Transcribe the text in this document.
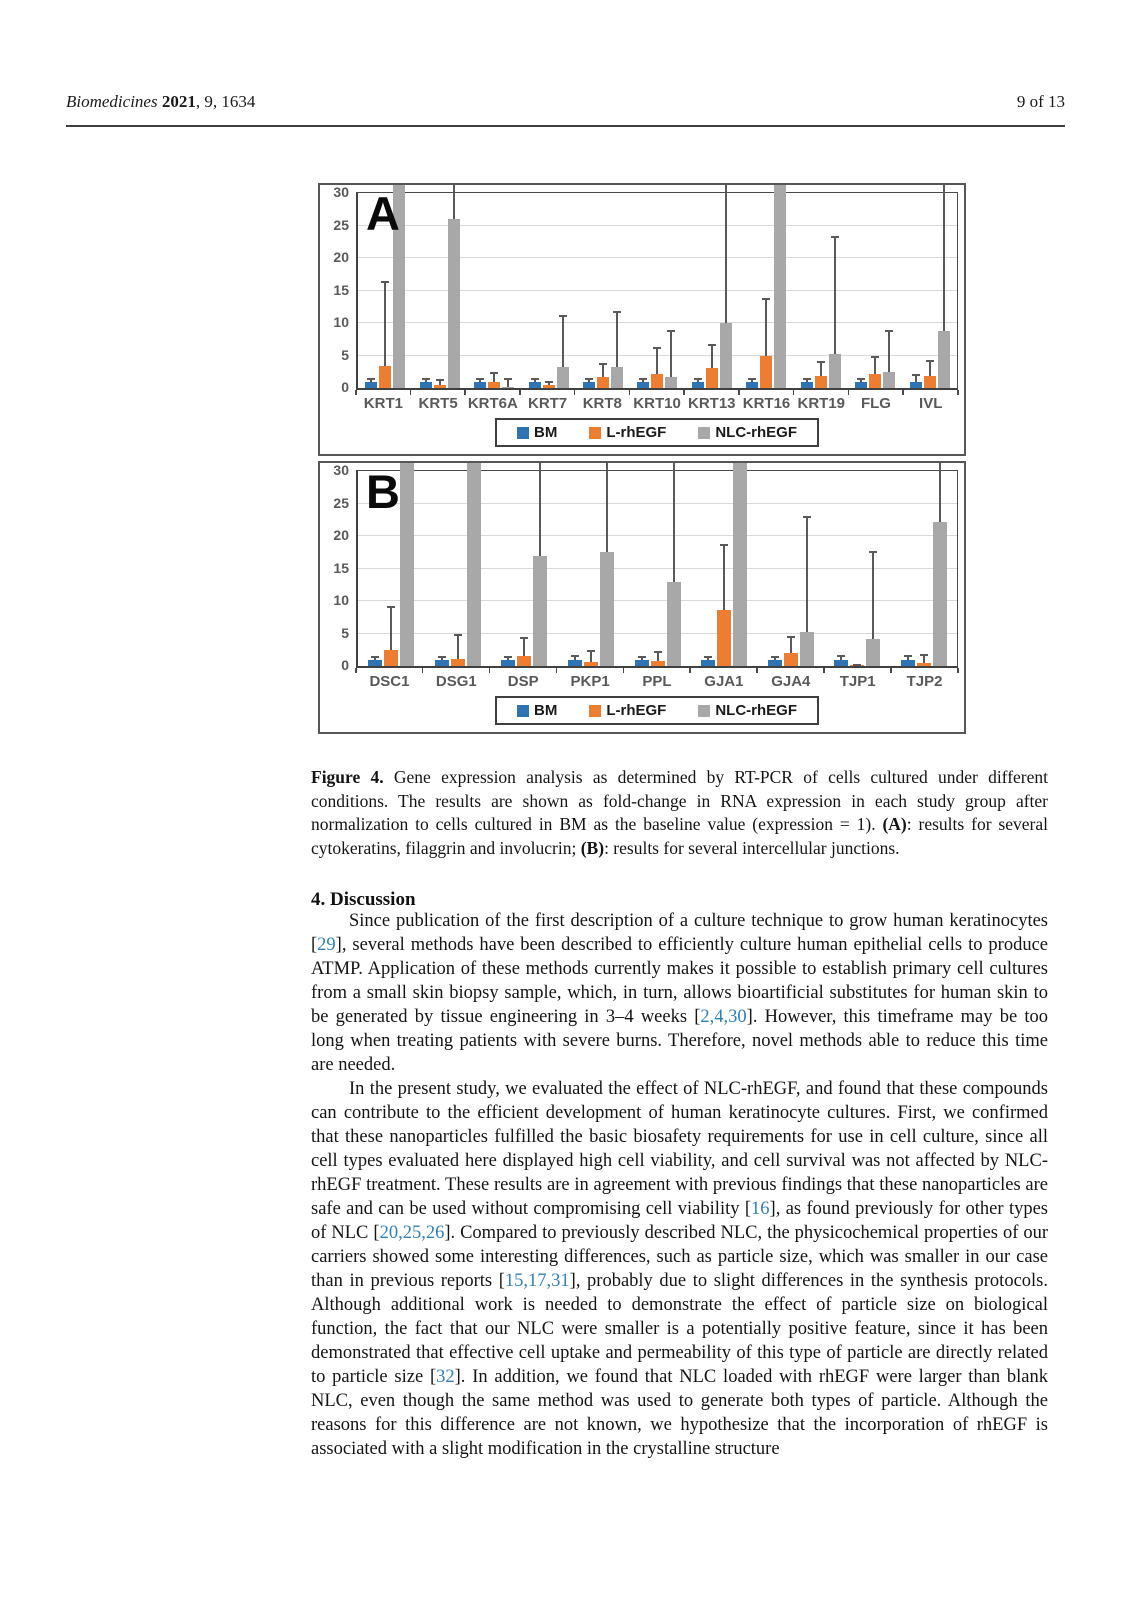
Biomedicines 2021, 9, 1634	9 of 13
0
5
10
15
20
25
30 A
KRT1	KRT5 KRT6A KRT7	KRT8 KRT10 KRT13 KRT16 KRT19	FLG	IVL
BM	L-rhEGF	NLC-rhEGF
0
5
10
15
20
25
30 B
DSC1	DSG1	DSP	PKP1	PPL	GJA1	GJA4	TJP1	TJP2
BM	L-rhEGF	NLC-rhEGF
Figure 4. Gene expression analysis as determined by RT-PCR of cells cultured under different conditions. The results are shown as fold-change in RNA expression in each study group after normalization to cells cultured in BM as the baseline value (expression = 1). (A): results for several cytokeratins, filaggrin and involucrin; (B): results for several intercellular junctions.
4. Discussion

Since publication of the first description of a culture technique to grow human keratinocytes [29], several methods have been described to efficiently culture human epithelial cells to produce ATMP. Application of these methods currently makes it possible to establish primary cell cultures from a small skin biopsy sample, which, in turn, allows bioartificial substitutes for human skin to be generated by tissue engineering in 3–4 weeks [2,4,30]. However, this timeframe may be too long when treating patients with severe burns. Therefore, novel methods able to reduce this time are needed.

In the present study, we evaluated the effect of NLC-rhEGF, and found that these compounds can contribute to the efficient development of human keratinocyte cultures. First, we confirmed that these nanoparticles fulfilled the basic biosafety requirements for use in cell culture, since all cell types evaluated here displayed high cell viability, and cell survival was not affected by NLC-rhEGF treatment. These results are in agreement with previous findings that these nanoparticles are safe and can be used without compromising cell viability [16], as found previously for other types of NLC [20,25,26]. Compared to previously described NLC, the physicochemical properties of our carriers showed some interesting differences, such as particle size, which was smaller in our case than in previous reports [15,17,31], probably due to slight differences in the synthesis protocols. Although additional work is needed to demonstrate the effect of particle size on biological function, the fact that our NLC were smaller is a potentially positive feature, since it has been demonstrated that effective cell uptake and permeability of this type of particle are directly related to particle size [32]. In addition, we found that NLC loaded with rhEGF were larger than blank NLC, even though the same method was used to generate both types of particle. Although the reasons for this difference are not known, we hypothesize that the incorporation of rhEGF is associated with a slight modification in the crystalline structure
